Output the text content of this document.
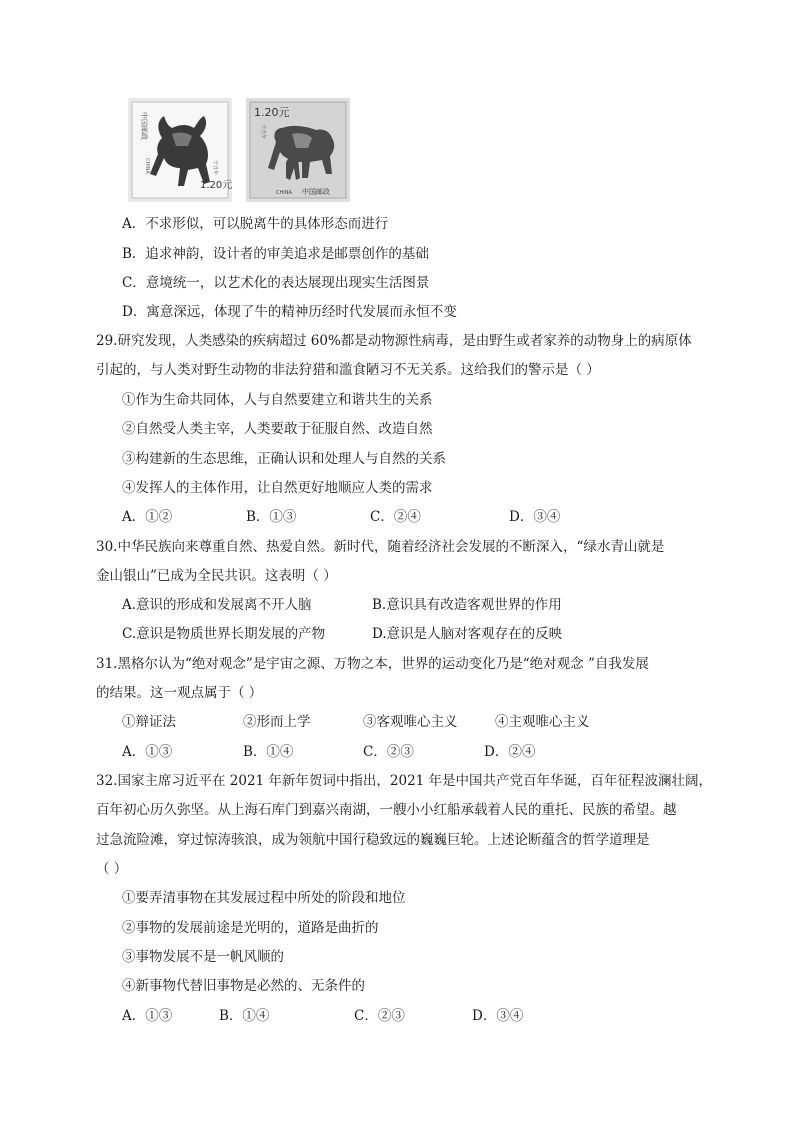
中国邮政
1.20元
CHINA	辛丑年
1.20元
CHINA 中国邮政
辛丑年
A．不求形似，可以脱离牛的具体形态而进行
B．追求神韵，设计者的审美追求是邮票创作的基础
C．意境统一，以艺术化的表达展现出现实生活图景
D．寓意深远，体现了牛的精神历经时代发展而永恒不变
29.研究发现，人类感染的疾病超过 60%都是动物源性病毒，是由野生或者家养的动物身上的病原体
引起的，与人类对野生动物的非法狩猎和滥食陋习不无关系。这给我们的警示是（ ）
①作为生命共同体，人与自然要建立和谐共生的关系
②自然受人类主宰，人类要敢于征服自然、改造自然
③构建新的生态思维，正确认识和处理人与自然的关系
④发挥人的主体作用，让自然更好地顺应人类的需求
A．①②	B．①③	C．②④	D．③④
30.中华民族向来尊重自然、热爱自然。新时代，随着经济社会发展的不断深入，“绿水青山就是
金山银山”已成为全民共识。这表明（ ）
A.意识的形成和发展离不开人脑	B.意识具有改造客观世界的作用
C.意识是物质世界长期发展的产物	D.意识是人脑对客观存在的反映
31.黑格尔认为“绝对观念”是宇宙之源、万物之本，世界的运动变化乃是“绝对观念 ”自我发展
的结果。这一观点属于（ ）
①辩证法	②形而上学	③客观唯心主义	④主观唯心主义
A．①③	B．①④	C．②③	D．②④
32.国家主席习近平在 2021 年新年贺词中指出，2021 年是中国共产党百年华诞，百年征程波澜壮阔，
百年初心历久弥坚。从上海石库门到嘉兴南湖，一艘小小红船承载着人民的重托、民族的希望。越
过急流险滩，穿过惊涛骇浪，成为领航中国行稳致远的巍巍巨轮。上述论断蕴含的哲学道理是
（ ）
①要弄清事物在其发展过程中所处的阶段和地位
②事物的发展前途是光明的，道路是曲折的
③事物发展不是一帆风顺的
④新事物代替旧事物是必然的、无条件的
A．①③	B．①④	C．②③	D．③④
